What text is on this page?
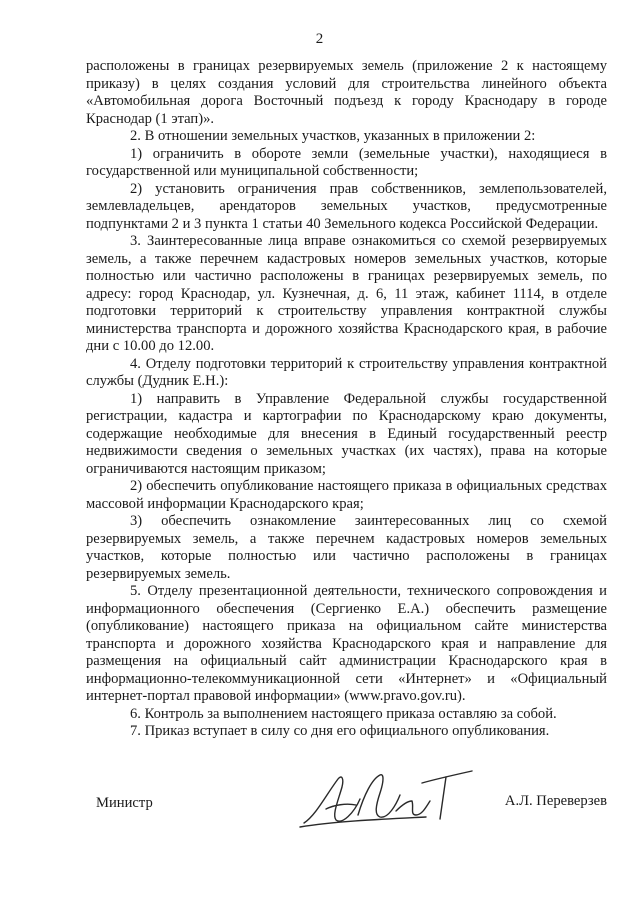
2

расположены в границах резервируемых земель (приложение 2 к настоящему приказу) в целях создания условий для строительства линейного объекта «Автомобильная дорога Восточный подъезд к городу Краснодару в городе Краснодар (1 этап)».

2. В отношении земельных участков, указанных в приложении 2:

1) ограничить в обороте земли (земельные участки), находящиеся в государственной или муниципальной собственности;

2) установить ограничения прав собственников, землепользователей, землевладельцев, арендаторов земельных участков, предусмотренные подпунктами 2 и 3 пункта 1 статьи 40 Земельного кодекса Российской Федерации.

3. Заинтересованные лица вправе ознакомиться со схемой резервируемых земель, а также перечнем кадастровых номеров земельных участков, которые полностью или частично расположены в границах резервируемых земель, по адресу: город Краснодар, ул. Кузнечная, д. 6, 11 этаж, кабинет 1114, в отделе подготовки территорий к строительству управления контрактной службы министерства транспорта и дорожного хозяйства Краснодарского края, в рабочие дни с 10.00 до 12.00.

4. Отделу подготовки территорий к строительству управления контрактной службы (Дудник Е.Н.):

1) направить в Управление Федеральной службы государственной регистрации, кадастра и картографии по Краснодарскому краю документы, содержащие необходимые для внесения в Единый государственный реестр недвижимости сведения о земельных участках (их частях), права на которые ограничиваются настоящим приказом;

2) обеспечить опубликование настоящего приказа в официальных средствах массовой информации Краснодарского края;

3) обеспечить ознакомление заинтересованных лиц со схемой резервируемых земель, а также перечнем кадастровых номеров земельных участков, которые полностью или частично расположены в границах резервируемых земель.

5. Отделу презентационной деятельности, технического сопровождения и информационного обеспечения (Сергиенко Е.А.) обеспечить размещение (опубликование) настоящего приказа на официальном сайте министерства транспорта и дорожного хозяйства Краснодарского края и направление для размещения на официальный сайт администрации Краснодарского края в информационно-телекоммуникационной сети «Интернет» и «Официальный интернет-портал правовой информации» (www.pravo.gov.ru).

6. Контроль за выполнением настоящего приказа оставляю за собой.

7. Приказ вступает в силу со дня его официального опубликования.

Министр	А.Л. Переверзев
